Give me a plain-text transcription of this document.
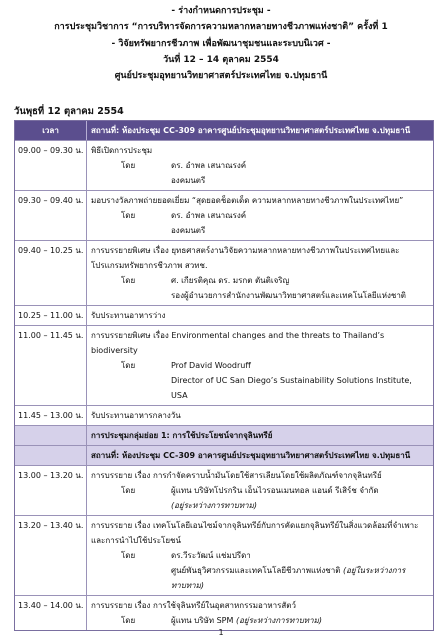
- ร่างกำหนดการประชุม -
การประชุมวิชาการ “การบริหารจัดการความหลากหลายทางชีวภาพแห่งชาติ” ครั้งที่ 1
- วิจัยทรัพยากรชีวภาพ เพื่อพัฒนาชุมชนและระบบนิเวศ -
วันที่ 12 – 14 ตุลาคม 2554
ศูนย์ประชุมอุทยานวิทยาศาสตร์ประเทศไทย จ.ปทุมธานี
วันพุธที่ 12 ตุลาคม 2554
เวลา	สถานที่: ห้องประชุม CC-309 อาคารศูนย์ประชุมอุทยานวิทยาศาสตร์ประเทศไทย จ.ปทุมธานี
09.00 – 09.30 น. พิธีเปิดการประชุม
โดย	ดร. อำพล เสนาณรงค์
องคมนตรี
09.30 – 09.40 น. มอบรางวัลภาพถ่ายยอดเยี่ยม “สุดยอดช็อตเด็ด ความหลากหลายทางชีวภาพในประเทศไทย”
โดย	ดร. อำพล เสนาณรงค์
องคมนตรี
09.40 – 10.25 น. การบรรยายพิเศษ เรื่อง ยุทธศาสตร์งานวิจัยความหลากหลายทางชีวภาพในประเทศไทยและโปรแกรมทรัพยากรชีวภาพ สวทช.
โดย	ศ. เกียรติคุณ ดร. มรกต ตันติเจริญ
รองผู้อำนวยการสำนักงานพัฒนาวิทยาศาสตร์และเทคโนโลยีแห่งชาติ
10.25 – 11.00 น. รับประทานอาหารว่าง
11.00 – 11.45 น. การบรรยายพิเศษ เรื่อง Environmental changes and the threats to Thailand’s biodiversity
โดย	Prof David Woodruff
Director of UC San Diego’s Sustainability Solutions Institute, USA
11.45 – 13.00 น. รับประทานอาหารกลางวัน
การประชุมกลุ่มย่อย 1: การใช้ประโยชน์จากจุลินทรีย์
สถานที่: ห้องประชุม CC-309 อาคารศูนย์ประชุมอุทยานวิทยาศาสตร์ประเทศไทย จ.ปทุมธานี
13.00 – 13.20 น. การบรรยาย เรื่อง การกำจัดคราบน้ำมันโดยใช้สารเลียนโดยใช้ผลิตภัณฑ์จากจุลินทรีย์
โดย	ผู้แทน บริษัทโปรกริน เอ็นไวรอนเมนทอล แอนด์ รีเสิร์ช จำกัด
(อยู่ระหว่างการทาบทาม)
13.20 – 13.40 น. การบรรยาย เรื่อง เทคโนโลยีเอนไซม์จากจุลินทรีย์กับการคัดแยกจุลินทรีย์ในสิ่งแวดล้อมที่จำเพาะ และการนำไปใช้ประโยชน์
โดย	ดร.วีระวัฒน์ แช่มปรีดา
ศูนย์พันธุวิศวกรรมและเทคโนโลยีชีวภาพแห่งชาติ (อยู่ในระหว่างการทาบทาม)
13.40 – 14.00 น. การบรรยาย เรื่อง การใช้จุลินทรีย์ในอุตสาหกรรมอาหารสัตว์
โดย	ผู้แทน บริษัท SPM (อยู่ระหว่างการทาบทาม)
1
